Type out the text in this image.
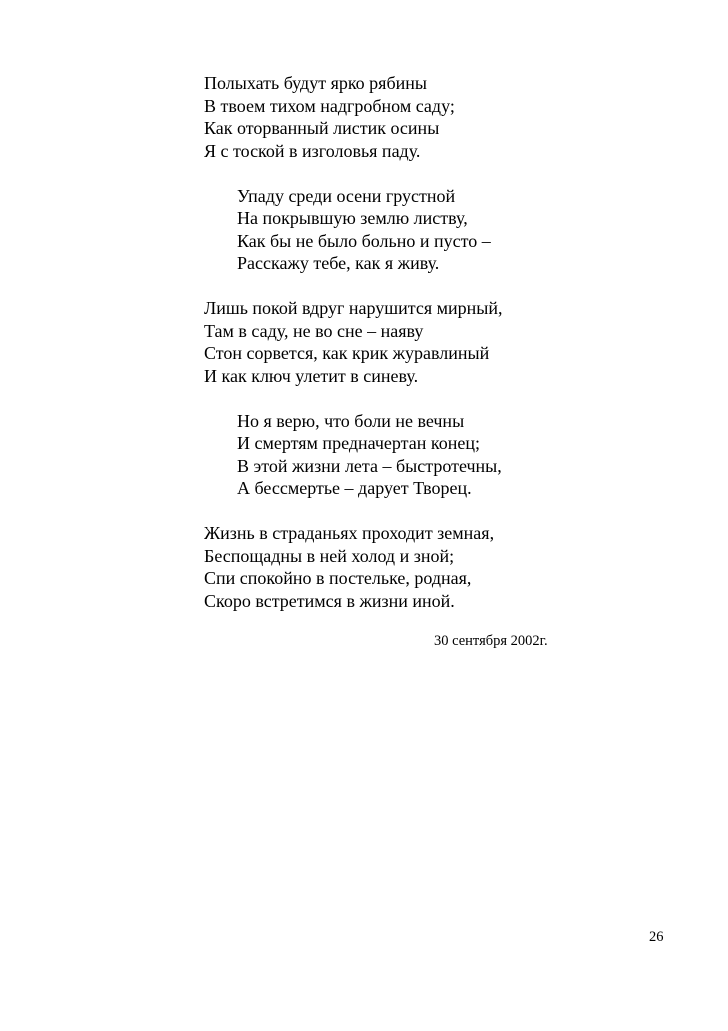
Полыхать будут ярко рябины
В твоем тихом надгробном саду;
Как оторванный листик осины
Я с тоской в изголовья паду.
Упаду среди осени грустной
На покрывшую землю листву,
Как бы не было больно и пусто –
Расскажу тебе, как я живу.
Лишь покой вдруг нарушится мирный,
Там в саду, не во сне – наяву
Стон сорвется, как крик журавлиный
И как ключ улетит в синеву.
Но я верю, что боли не вечны
И смертям предначертан конец;
В этой жизни лета – быстротечны,
А бессмертье – дарует Творец.
Жизнь в страданьях проходит земная,
Беспощадны в ней холод и зной;
Спи спокойно в постельке, родная,
Скоро встретимся в жизни иной.
30 сентября 2002г.
26
